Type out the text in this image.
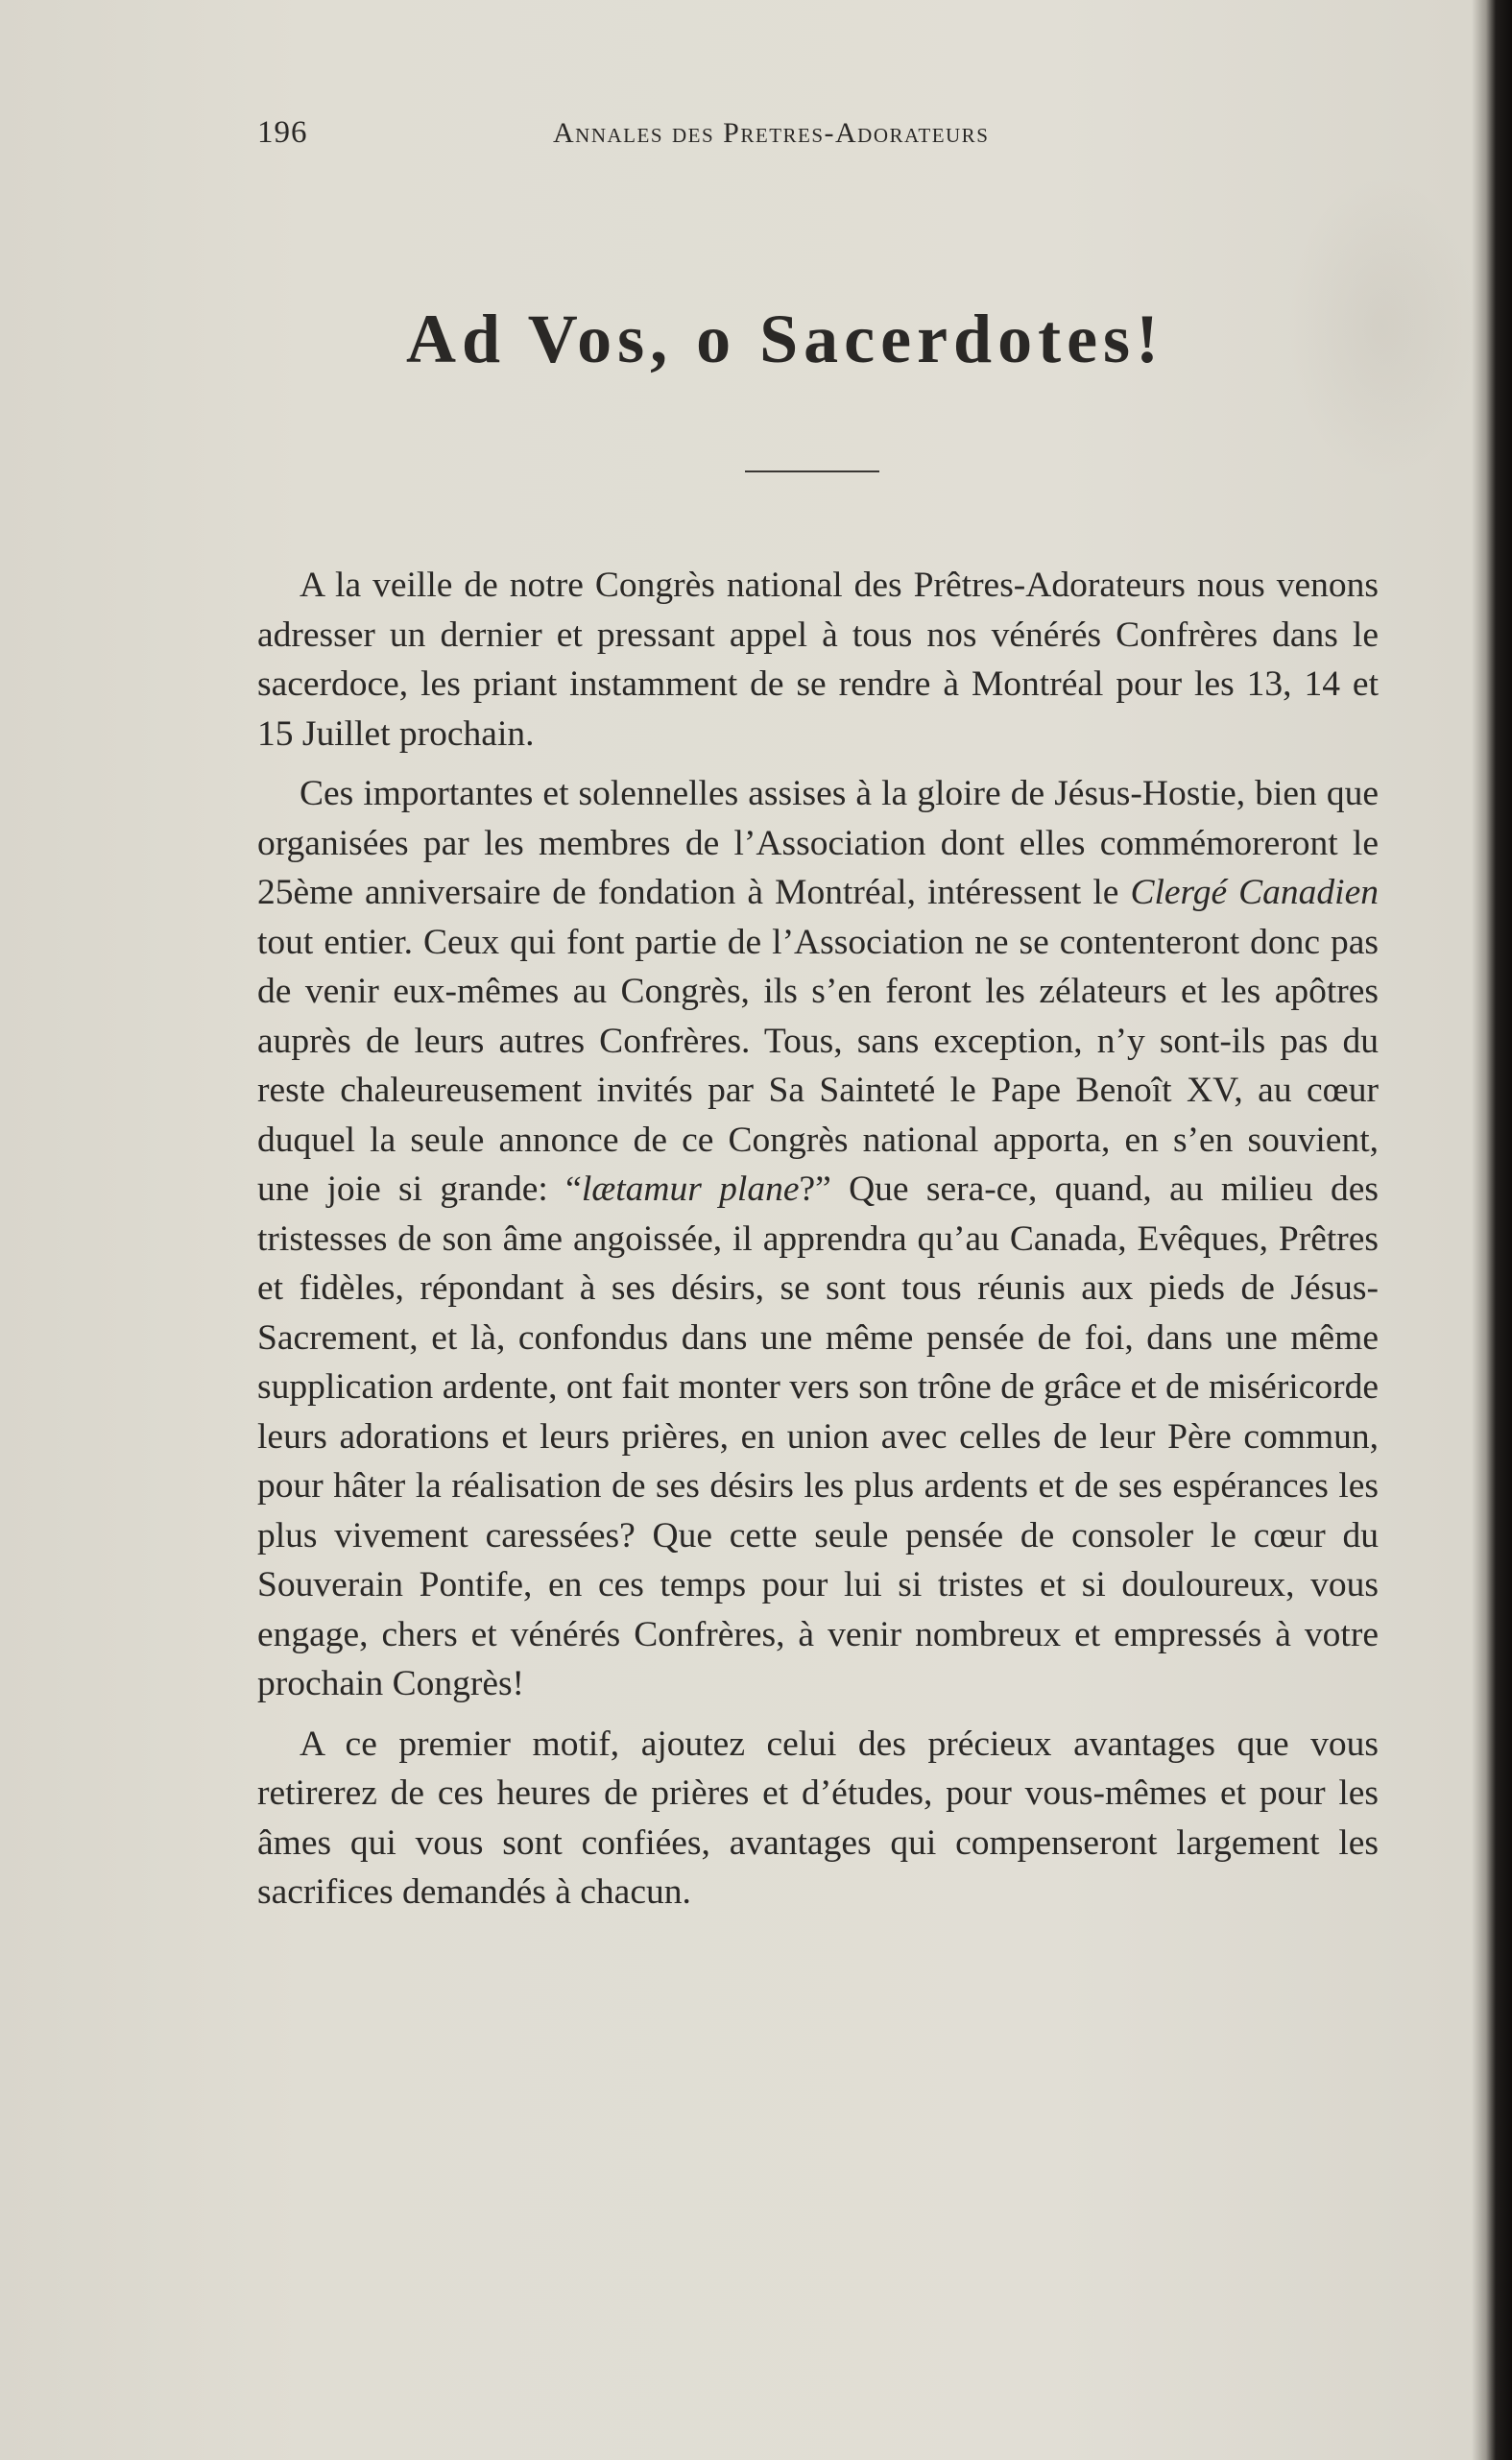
196	Annales des Pretres-Adorateurs
Ad Vos, o Sacerdotes!

A la veille de notre Congrès national des Prêtres-Adorateurs nous venons adresser un dernier et pressant appel à tous nos vénérés Confrères dans le sacerdoce, les priant instamment de se rendre à Montréal pour les 13, 14 et 15 Juillet prochain.

Ces importantes et solennelles assises à la gloire de Jésus-Hostie, bien que organisées par les membres de l’Association dont elles commémoreront le 25ème anniversaire de fondation à Montréal, intéressent le Clergé Canadien tout entier. Ceux qui font partie de l’Association ne se contenteront donc pas de venir eux-mêmes au Congrès, ils s’en feront les zélateurs et les apôtres auprès de leurs autres Confrères. Tous, sans exception, n’y sont-ils pas du reste chaleureusement invités par Sa Sainteté le Pape Benoît XV, au cœur duquel la seule annonce de ce Congrès national apporta, en s’en souvient, une joie si grande: “lætamur plane?” Que sera-ce, quand, au milieu des tristesses de son âme angoissée, il apprendra qu’au Canada, Evêques, Prêtres et fidèles, répondant à ses désirs, se sont tous réunis aux pieds de Jésus-Sacrement, et là, confondus dans une même pensée de foi, dans une même supplication ardente, ont fait monter vers son trône de grâce et de miséricorde leurs adorations et leurs prières, en union avec celles de leur Père commun, pour hâter la réalisation de ses désirs les plus ardents et de ses espérances les plus vivement caressées? Que cette seule pensée de consoler le cœur du Souverain Pontife, en ces temps pour lui si tristes et si douloureux, vous engage, chers et vénérés Confrères, à venir nombreux et empressés à votre prochain Congrès!

A ce premier motif, ajoutez celui des précieux avantages que vous retirerez de ces heures de prières et d’études, pour vous-mêmes et pour les âmes qui vous sont confiées, avantages qui compenseront largement les sacrifices demandés à chacun.
